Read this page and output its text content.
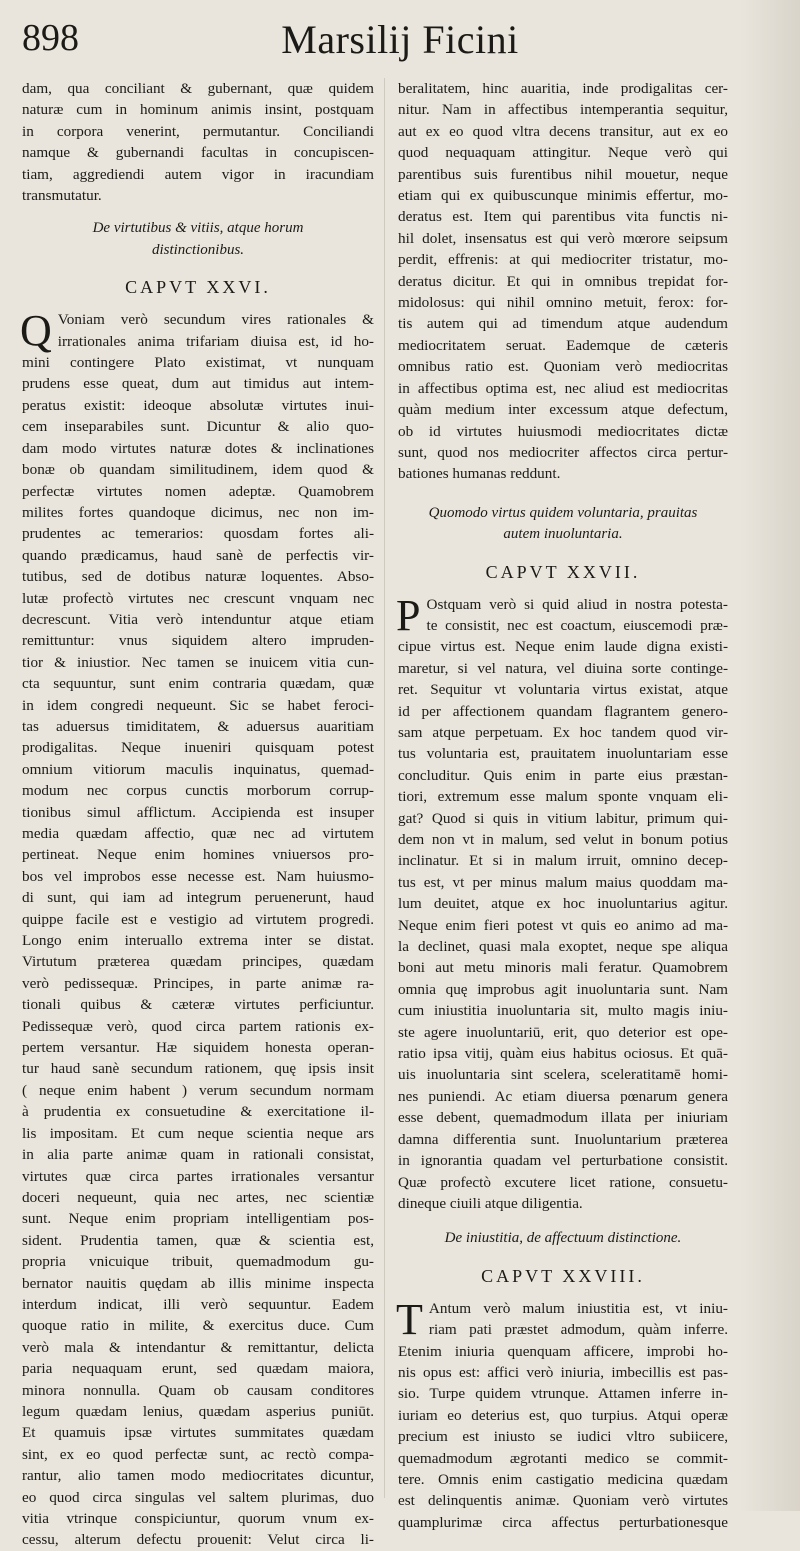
898	Marsilij Ficini
dam, qua conciliant & gubernant, quæ quidem
naturæ cum in hominum animis insint, postquam
in corpora venerint, permutantur. Conciliandi
namque & gubernandi facultas in concupiscen-
tiam, aggrediendi autem vigor in iracundiam
transmutatur.
De virtutibus & vitiis, atque horum
distinctionibus.
CAPVT XXVI.
Q Voniam verò secundum vires rationales &
irrationales anima trifariam diuisa est, id ho-
mini contingere Plato existimat, vt nunquam
prudens esse queat, dum aut timidus aut intem-
peratus existit: ideoque absolutæ virtutes inui-
cem inseparabiles sunt. Dicuntur & alio quo-
dam modo virtutes naturæ dotes & inclinationes
bonæ ob quandam similitudinem, idem quod &
perfectæ virtutes nomen adeptæ. Quamobrem
milites fortes quandoque dicimus, nec non im-
prudentes ac temerarios: quosdam fortes ali-
quando prædicamus, haud sanè de perfectis vir-
tutibus, sed de dotibus naturæ loquentes. Abso-
lutæ profectò virtutes nec crescunt vnquam nec
decrescunt. Vitia verò intenduntur atque etiam
remittuntur: vnus siquidem altero impruden-
tior & iniustior. Nec tamen se inuicem vitia cun-
cta sequuntur, sunt enim contraria quædam, quæ
in idem congredi nequeunt. Sic se habet feroci-
tas aduersus timiditatem, & aduersus auaritiam
prodigalitas. Neque inueniri quisquam potest
omnium vitiorum maculis inquinatus, quemad-
modum nec corpus cunctis morborum corrup-
tionibus simul afflictum. Accipienda est insuper
media quædam affectio, quæ nec ad virtutem
pertineat. Neque enim homines vniuersos pro-
bos vel improbos esse necesse est. Nam huiusmo-
di sunt, qui iam ad integrum peruenerunt, haud
quippe facile est e vestigio ad virtutem progredi.
Longo enim interuallo extrema inter se distat.
Virtutum præterea quædam principes, quædam
verò pedissequæ. Principes, in parte animæ ra-
tionali quibus & cæteræ virtutes perficiuntur.
Pedissequæ verò, quod circa partem rationis ex-
pertem versantur. Hæ siquidem honesta operan-
tur haud sanè secundum rationem, quę ipsis insit
( neque enim habent ) verum secundum normam
à prudentia ex consuetudine & exercitatione il-
lis impositam. Et cum neque scientia neque ars
in alia parte animæ quam in rationali consistat,
virtutes quæ circa partes irrationales versantur
doceri nequeunt, quia nec artes, nec scientiæ
sunt. Neque enim propriam intelligentiam pos-
sident. Prudentia tamen, quæ & scientia est,
propria vnicuique tribuit, quemadmodum gu-
bernator nauitis quędam ab illis minime inspecta
interdum indicat, illi verò sequuntur. Eadem
quoque ratio in milite, & exercitus duce. Cum
verò mala & intendantur & remittantur, delicta
paria nequaquam erunt, sed quædam maiora,
minora nonnulla. Quam ob causam conditores
legum quædam lenius, quædam asperius puniūt.
Et quamuis ipsæ virtutes summitates quædam
sint, ex eo quod perfectæ sunt, ac rectò compa-
rantur, alio tamen modo mediocritates dicuntur,
eo quod circa singulas vel saltem plurimas, duo
vitia vtrinque conspiciuntur, quorum vnum ex-
cessu, alterum defectu prouenit: Velut circa li-
beralitatem, hinc auaritia, inde prodigalitas cer-
nitur. Nam in affectibus intemperantia sequitur,
aut ex eo quod vltra decens transitur, aut ex eo
quod nequaquam attingitur. Neque verò qui
parentibus suis furentibus nihil mouetur, neque
etiam qui ex quibuscunque minimis effertur, mo-
deratus est. Item qui parentibus vita functis ni-
hil dolet, insensatus est qui verò mœrore seipsum
perdit, effrenis: at qui mediocriter tristatur, mo-
deratus dicitur. Et qui in omnibus trepidat for-
midolosus: qui nihil omnino metuit, ferox: for-
tis autem qui ad timendum atque audendum
mediocritatem seruat. Eademque de cæteris
omnibus ratio est. Quoniam verò mediocritas
in affectibus optima est, nec aliud est mediocritas
quàm medium inter excessum atque defectum,
ob id virtutes huiusmodi mediocritates dictæ
sunt, quod nos mediocriter affectos circa pertur-
bationes humanas reddunt.
Quomodo virtus quidem voluntaria, prauitas
autem inuoluntaria.
CAPVT XXVII.
P Ostquam verò si quid aliud in nostra potesta-
te consistit, nec est coactum, eiuscemodi præ-
cipue virtus est. Neque enim laude digna existi-
maretur, si vel natura, vel diuina sorte continge-
ret. Sequitur vt voluntaria virtus existat, atque
id per affectionem quandam flagrantem genero-
sam atque perpetuam. Ex hoc tandem quod vir-
tus voluntaria est, prauitatem inuoluntariam esse
concluditur. Quis enim in parte eius præstan-
tiori, extremum esse malum sponte vnquam eli-
gat? Quod si quis in vitium labitur, primum qui-
dem non vt in malum, sed velut in bonum potius
inclinatur. Et si in malum irruit, omnino decep-
tus est, vt per minus malum maius quoddam ma-
lum deuitet, atque ex hoc inuoluntarius agitur.
Neque enim fieri potest vt quis eo animo ad ma-
la declinet, quasi mala exoptet, neque spe aliqua
boni aut metu minoris mali feratur. Quamobrem
omnia quę improbus agit inuoluntaria sunt. Nam
cum iniustitia inuoluntaria sit, multo magis iniu-
ste agere inuoluntariū, erit, quo deterior est ope-
ratio ipsa vitij, quàm eius habitus ociosus. Et quā-
uis inuoluntaria sint scelera, sceleratitamē homi-
nes puniendi. Ac etiam diuersa pœnarum genera
esse debent, quemadmodum illata per iniuriam
damna differentia sunt. Inuoluntarium præterea
in ignorantia quadam vel perturbatione consistit.
Quæ profectò excutere licet ratione, consuetu-
dineque ciuili atque diligentia.
De iniustitia, de affectuum distinctione.
CAPVT XXVIII.
T Antum verò malum iniustitia est, vt iniu-
riam pati præstet admodum, quàm inferre.
Etenim iniuria quenquam afficere, improbi ho-
nis opus est: affici verò iniuria, imbecillis est pas-
sio. Turpe quidem vtrunque. Attamen inferre in-
iuriam eo deterius est, quo turpius. Atqui operæ
precium est iniusto se iudici vltro subiicere,
quemadmodum ægrotanti medico se commit-
tere. Omnis enim castigatio medicina quædam
est delinquentis animæ. Quoniam verò virtutes
quamplurimæ circa affectus perturbationesque
